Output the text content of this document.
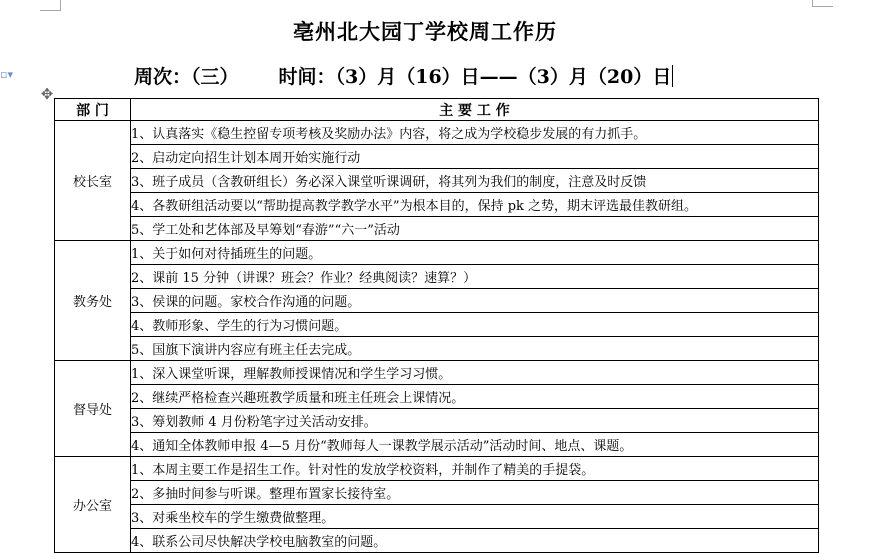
▫▾
✥
亳州北大园丁学校周工作历
周次：（三） 时间：（3）月（16）日——（3）月（20）日
部 门	主 要 工 作
校长室	1、认真落实《稳生控留专项考核及奖励办法》内容，将之成为学校稳步发展的有力抓手。
	2、启动定向招生计划本周开始实施行动
	3、班子成员（含教研组长）务必深入课堂听课调研，将其列为我们的制度，注意及时反馈
	4、各教研组活动要以“帮助提高教学教学水平”为根本目的，保持 pk 之势，期末评选最佳教研组。
	5、学工处和艺体部及早筹划“春游”“六一”活动
教务处	1、关于如何对待插班生的问题。
	2、课前 15 分钟（讲课？班会？作业？经典阅读？速算？）
	3、侯课的问题。家校合作沟通的问题。
	4、教师形象、学生的行为习惯问题。
	5、国旗下演讲内容应有班主任去完成。
督导处	1、深入课堂听课，理解教师授课情况和学生学习习惯。
	2、继续严格检查兴趣班教学质量和班主任班会上课情况。
	3、筹划教师 4 月份粉笔字过关活动安排。
	4、通知全体教师申报 4—5 月份“教师每人一课教学展示活动”活动时间、地点、课题。
办公室	1、本周主要工作是招生工作。针对性的发放学校资料，并制作了精美的手提袋。
	2、多抽时间参与听课。整理布置家长接待室。
	3、对乘坐校车的学生缴费做整理。
	4、联系公司尽快解决学校电脑教室的问题。
